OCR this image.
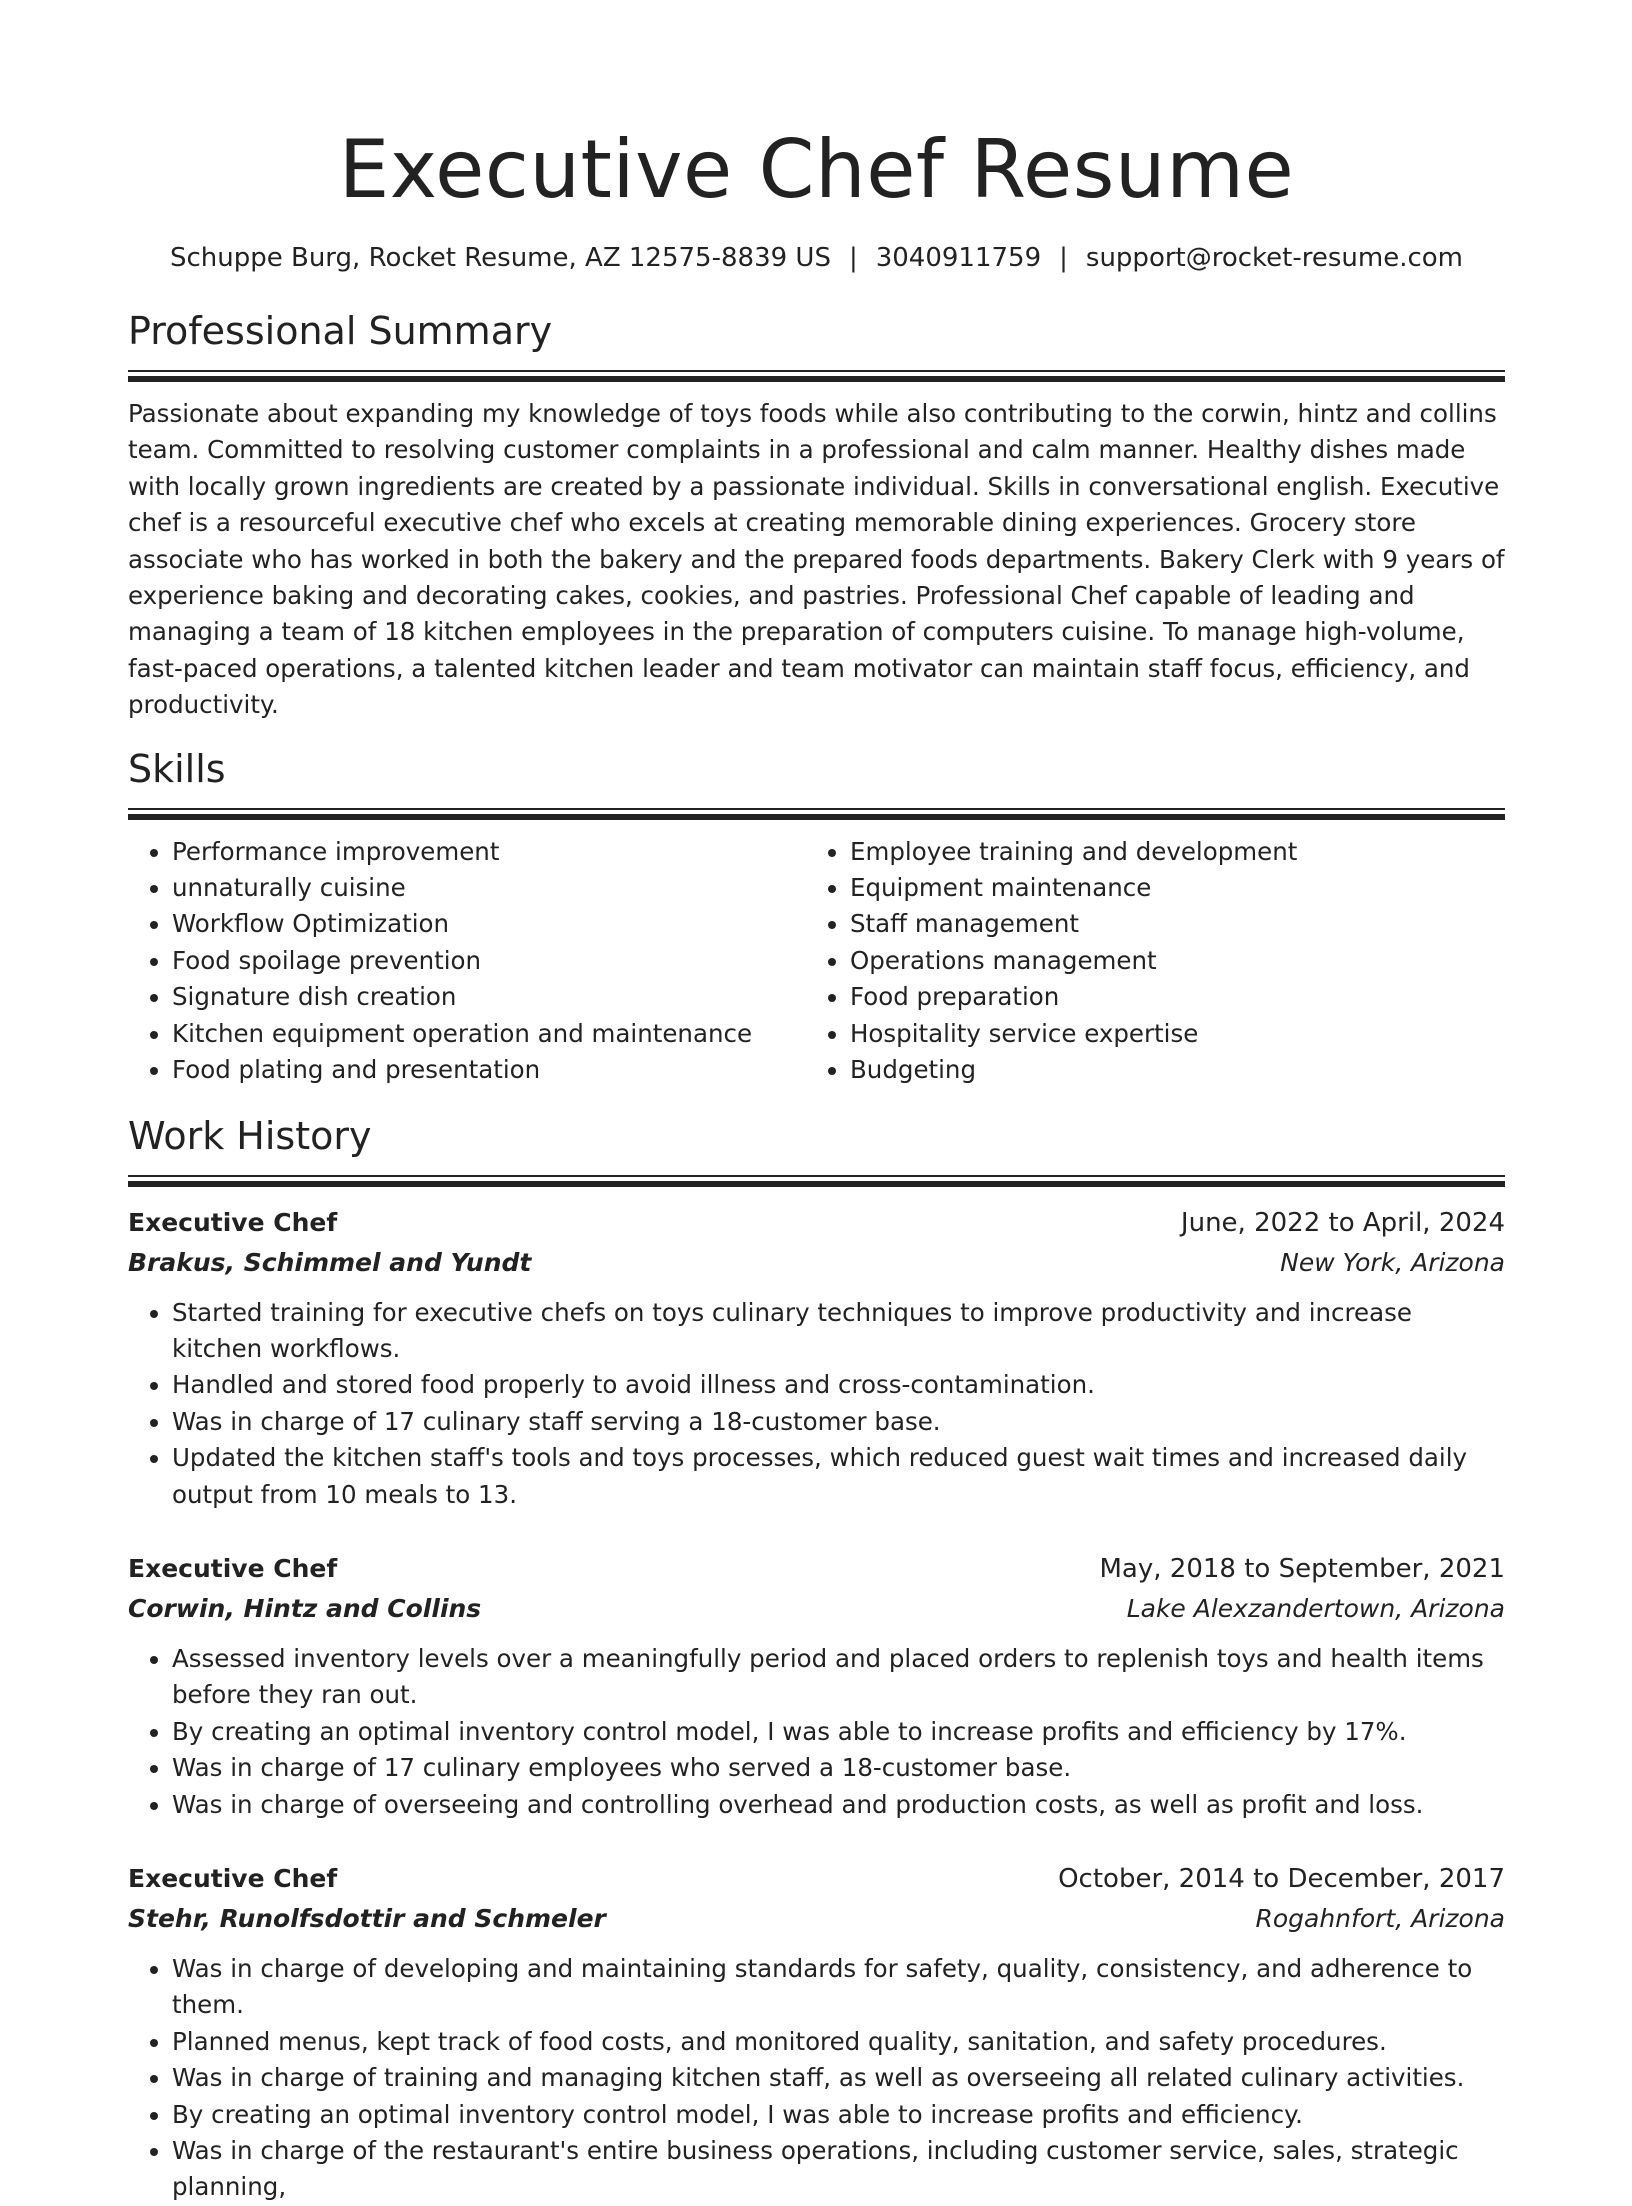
Executive Chef Resume
Schuppe Burg, Rocket Resume, AZ 12575-8839 US | 3040911759 | support@rocket-resume.com
Professional Summary

Passionate about expanding my knowledge of toys foods while also contributing to the corwin, hintz and collins team. Committed to resolving customer complaints in a professional and calm manner. Healthy dishes made with locally grown ingredients are created by a passionate individual. Skills in conversational english. Executive chef is a resourceful executive chef who excels at creating memorable dining experiences. Grocery store associate who has worked in both the bakery and the prepared foods departments. Bakery Clerk with 9 years of experience baking and decorating cakes, cookies, and pastries. Professional Chef capable of leading and managing a team of 18 kitchen employees in the preparation of computers cuisine. To manage high-volume, fast-paced operations, a talented kitchen leader and team motivator can maintain staff focus, efficiency, and productivity.

Skills
• Performance improvement
• unnaturally cuisine
• Workflow Optimization
• Food spoilage prevention
• Signature dish creation
• Kitchen equipment operation and maintenance
• Food plating and presentation
• Employee training and development
• Equipment maintenance
• Staff management
• Operations management
• Food preparation
• Hospitality service expertise
• Budgeting
Work History
Executive Chef	June, 2022 to April, 2024
Brakus, Schimmel and Yundt	New York, Arizona
• Started training for executive chefs on toys culinary techniques to improve productivity and increase kitchen workflows.
• Handled and stored food properly to avoid illness and cross-contamination.
• Was in charge of 17 culinary staff serving a 18-customer base.
• Updated the kitchen staff's tools and toys processes, which reduced guest wait times and increased daily output from 10 meals to 13.
Executive Chef	May, 2018 to September, 2021
Corwin, Hintz and Collins	Lake Alexzandertown, Arizona
• Assessed inventory levels over a meaningfully period and placed orders to replenish toys and health items before they ran out.
• By creating an optimal inventory control model, I was able to increase profits and efficiency by 17%.
• Was in charge of 17 culinary employees who served a 18-customer base.
• Was in charge of overseeing and controlling overhead and production costs, as well as profit and loss.
Executive Chef	October, 2014 to December, 2017
Stehr, Runolfsdottir and Schmeler	Rogahnfort, Arizona
• Was in charge of developing and maintaining standards for safety, quality, consistency, and adherence to them.
• Planned menus, kept track of food costs, and monitored quality, sanitation, and safety procedures.
• Was in charge of training and managing kitchen staff, as well as overseeing all related culinary activities.
• By creating an optimal inventory control model, I was able to increase profits and efficiency.
• Was in charge of the restaurant's entire business operations, including customer service, sales, strategic planning,
